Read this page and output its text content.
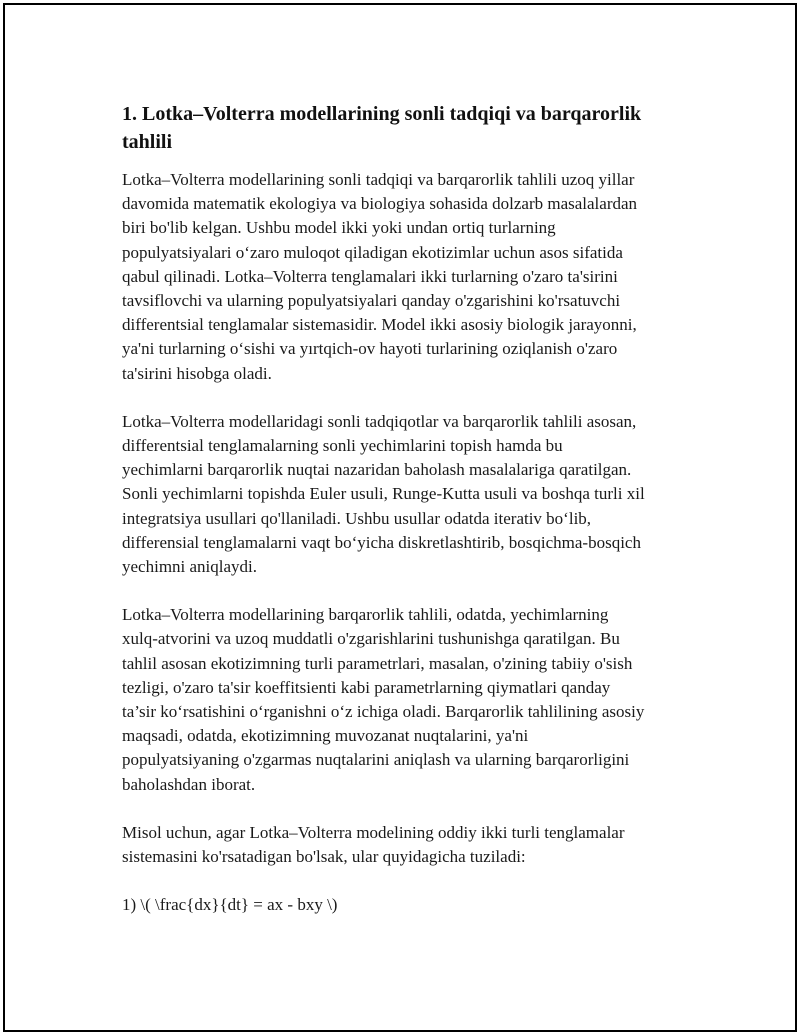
1. Lotka–Volterra modellarining sonli tadqiqi va barqarorlik
tahlili

Lotka–Volterra modellarining sonli tadqiqi va barqarorlik tahlili uzoq yillar
davomida matematik ekologiya va biologiya sohasida dolzarb masalalardan
biri bo'lib kelgan. Ushbu model ikki yoki undan ortiq turlarning
populyatsiyalari o‘zaro muloqot qiladigan ekotizimlar uchun asos sifatida
qabul qilinadi. Lotka–Volterra tenglamalari ikki turlarning o'zaro ta'sirini
tavsiflovchi va ularning populyatsiyalari qanday o'zgarishini ko'rsatuvchi
differentsial tenglamalar sistemasidir. Model ikki asosiy biologik jarayonni,
ya'ni turlarning o‘sishi va yırtqich-ov hayoti turlarining oziqlanish o'zaro
ta'sirini hisobga oladi.

Lotka–Volterra modellaridagi sonli tadqiqotlar va barqarorlik tahlili asosan,
differentsial tenglamalarning sonli yechimlarini topish hamda bu
yechimlarni barqarorlik nuqtai nazaridan baholash masalalariga qaratilgan.
Sonli yechimlarni topishda Euler usuli, Runge-Kutta usuli va boshqa turli xil
integratsiya usullari qo'llaniladi. Ushbu usullar odatda iterativ bo‘lib,
differensial tenglamalarni vaqt bo‘yicha diskretlashtirib, bosqichma-bosqich
yechimni aniqlaydi.

Lotka–Volterra modellarining barqarorlik tahlili, odatda, yechimlarning
xulq-atvorini va uzoq muddatli o'zgarishlarini tushunishga qaratilgan. Bu
tahlil asosan ekotizimning turli parametrlari, masalan, o'zining tabiiy o'sish
tezligi, o'zaro ta'sir koeffitsienti kabi parametrlarning qiymatlari qanday
ta’sir ko‘rsatishini o‘rganishni o‘z ichiga oladi. Barqarorlik tahlilining asosiy
maqsadi, odatda, ekotizimning muvozanat nuqtalarini, ya'ni
populyatsiyaning o'zgarmas nuqtalarini aniqlash va ularning barqarorligini
baholashdan iborat.

Misol uchun, agar Lotka–Volterra modelining oddiy ikki turli tenglamalar
sistemasini ko'rsatadigan bo'lsak, ular quyidagicha tuziladi:

1) \( \frac{dx}{dt} = ax - bxy \)
